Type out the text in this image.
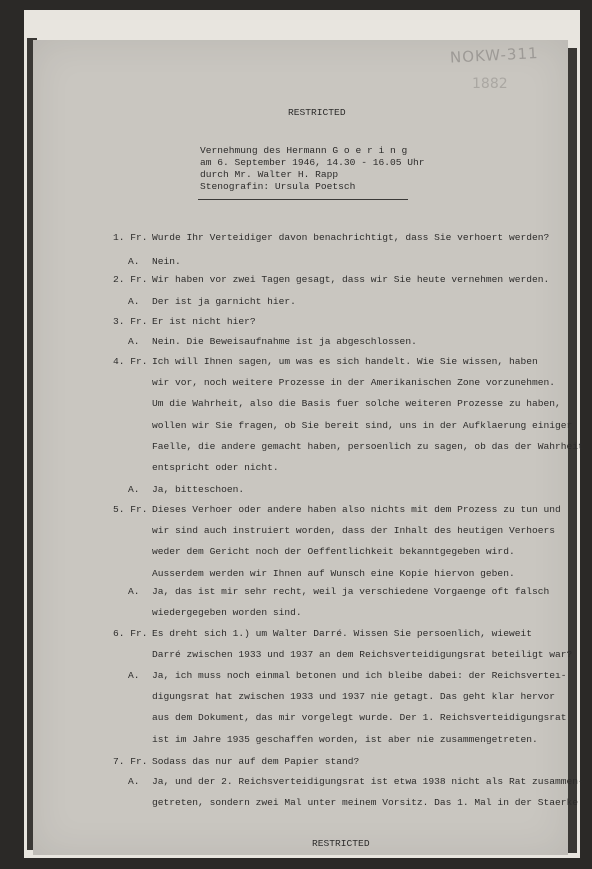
NOKW-311
1882
RESTRICTED
Vernehmung des Hermann G o e r i n g
am 6. September 1946, 14.30 - 16.05 Uhr
durch Mr. Walter H. Rapp
Stenografin: Ursula Poetsch
1. Fr. Wurde Ihr Verteidiger davon benachrichtigt, dass Sie verhoert werden?
A. Nein.
2. Fr. Wir haben vor zwei Tagen gesagt, dass wir Sie heute vernehmen werden.
A. Der ist ja garnicht hier.
3. Fr. Er ist nicht hier?
A. Nein. Die Beweisaufnahme ist ja abgeschlossen.
4. Fr. Ich will Ihnen sagen, um was es sich handelt. Wie Sie wissen, haben
wir vor, noch weitere Prozesse in der Amerikanischen Zone vorzunehmen.
Um die Wahrheit, also die Basis fuer solche weiteren Prozesse zu haben,
wollen wir Sie fragen, ob Sie bereit sind, uns in der Aufklaerung einiger
Faelle, die andere gemacht haben, persoenlich zu sagen, ob das der Wahrheit
entspricht oder nicht.
A. Ja, bitteschoen.
5. Fr. Dieses Verhoer oder andere haben also nichts mit dem Prozess zu tun und
wir sind auch instruiert worden, dass der Inhalt des heutigen Verhoers
weder dem Gericht noch der Oeffentlichkeit bekanntgegeben wird.
Ausserdem werden wir Ihnen auf Wunsch eine Kopie hiervon geben.
A. Ja, das ist mir sehr recht, weil ja verschiedene Vorgaenge oft falsch
wiedergegeben worden sind.
6. Fr. Es dreht sich 1.) um Walter Darré. Wissen Sie persoenlich, wieweit
Darré zwischen 1933 und 1937 an dem Reichsverteidigungsrat beteiligt war?
A. Ja, ich muss noch einmal betonen und ich bleibe dabei: der Reichsverteı-
digungsrat hat zwischen 1933 und 1937 nie getagt. Das geht klar hervor
aus dem Dokument, das mir vorgelegt wurde. Der 1. Reichsverteidigungsrat
ist im Jahre 1935 geschaffen worden, ist aber nie zusammengetreten.
7. Fr. Sodass das nur auf dem Papier stand?
A. Ja, und der 2. Reichsverteidigungsrat ist etwa 1938 nicht als Rat zusammen-
getreten, sondern zwei Mal unter meinem Vorsitz. Das 1. Mal in der Staerke
RESTRICTED
